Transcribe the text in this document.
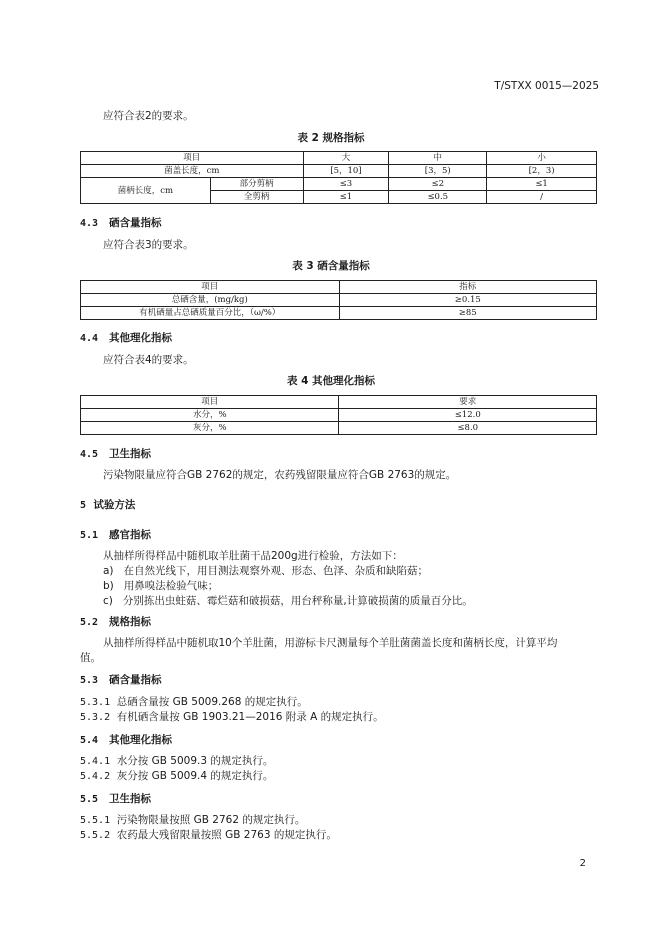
T/STXX 0015—2025
应符合表2的要求。
表 2 规格指标
项目		大	中	小
菌盖长度，cm		[5，10]	[3，5)	[2，3)
菌柄长度，cm	部分剪柄	≤3	≤2	≤1
	全剪柄	≤1	≤0.5	/
4.3 硒含量指标
应符合表3的要求。
表 3 硒含量指标
项目	指标
总硒含量，(mg/kg)	≥0.15
有机硒量占总硒质量百分比，（ω/%）	≥85
4.4 其他理化指标
应符合表4的要求。
表 4 其他理化指标
项目	要求
水分，%	≤12.0
灰分，%	≤8.0
4.5 卫生指标
污染物限量应符合GB 2762的规定，农药残留限量应符合GB 2763的规定。
5 试验方法
5.1 感官指标
从抽样所得样品中随机取羊肚菌干品200g进行检验，方法如下：
a) 在自然光线下，用目测法观察外观、形态、色泽、杂质和缺陷菇；
b) 用鼻嗅法检验气味；
c) 分别拣出虫蛀菇、霉烂菇和破损菇，用台秤称量,计算破损菌的质量百分比。
5.2 规格指标
从抽样所得样品中随机取10个羊肚菌，用游标卡尺测量每个羊肚菌菌盖长度和菌柄长度，计算平均
值。
5.3 硒含量指标
5.3.1 总硒含量按 GB 5009.268 的规定执行。
5.3.2 有机硒含量按 GB 1903.21—2016 附录 A 的规定执行。
5.4 其他理化指标
5.4.1 水分按 GB 5009.3 的规定执行。
5.4.2 灰分按 GB 5009.4 的规定执行。
5.5 卫生指标
5.5.1 污染物限量按照 GB 2762 的规定执行。
5.5.2 农药最大残留限量按照 GB 2763 的规定执行。
2
